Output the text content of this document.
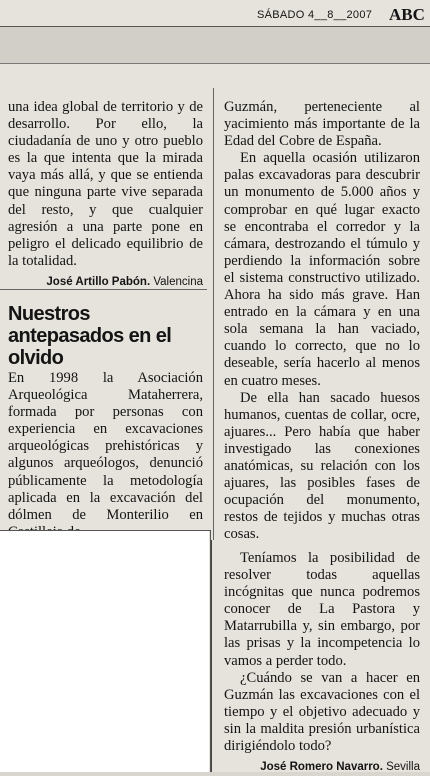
SÁBADO 4__8__2007 ABC

una idea global de territorio y de desarrollo. Por ello, la ciudadanía de uno y otro pueblo es la que intenta que la mirada vaya más allá, y que se entienda que ninguna parte vive separada del resto, y que cualquier agresión a una parte pone en peligro el delicado equilibrio de la totalidad.

José Artillo Pabón. Valencina

Nuestros antepasados en el olvido

En 1998 la Asociación Arqueológica Mataherrera, formada por personas con experiencia en excavaciones arqueológicas prehistóricas y algunos arqueólogos, denunció públicamente la metodología aplicada en la excavación del dólmen de Monterilio en

Guzmán, perteneciente al yacimiento más importante de la Edad del Cobre de España.

En aquella ocasión utilizaron palas excavadoras para descubrir un monumento de 5.000 años y comprobar en qué lugar exacto se encontraba el corredor y la cámara, destrozando el túmulo y perdiendo la información sobre el sistema constructivo utilizado. Ahora ha sido más grave. Han entrado en la cámara y en una sola semana la han vaciado, cuando lo correcto, que no lo deseable, sería hacerlo al menos en cuatro meses.

De ella han sacado huesos humanos, cuentas de collar, ocre, ajuares... Pero había que haber investigado las conexiones anatómicas, su relación con los ajuares, las posibles fases de ocupación del monumento, restos de tejidos y muchas otras cosas.

Teníamos la posibilidad de resolver todas aquellas incógnitas que nunca podremos conocer de La Pastora y Matarrubilla y, sin embargo, por las prisas y la incompetencia lo vamos a perder todo.

¿Cuándo se van a hacer en Guzmán las excavaciones con el tiempo y el objetivo adecuado y sin la maldita presión urbanística dirigiéndolo todo?

José Romero Navarro. Sevilla
